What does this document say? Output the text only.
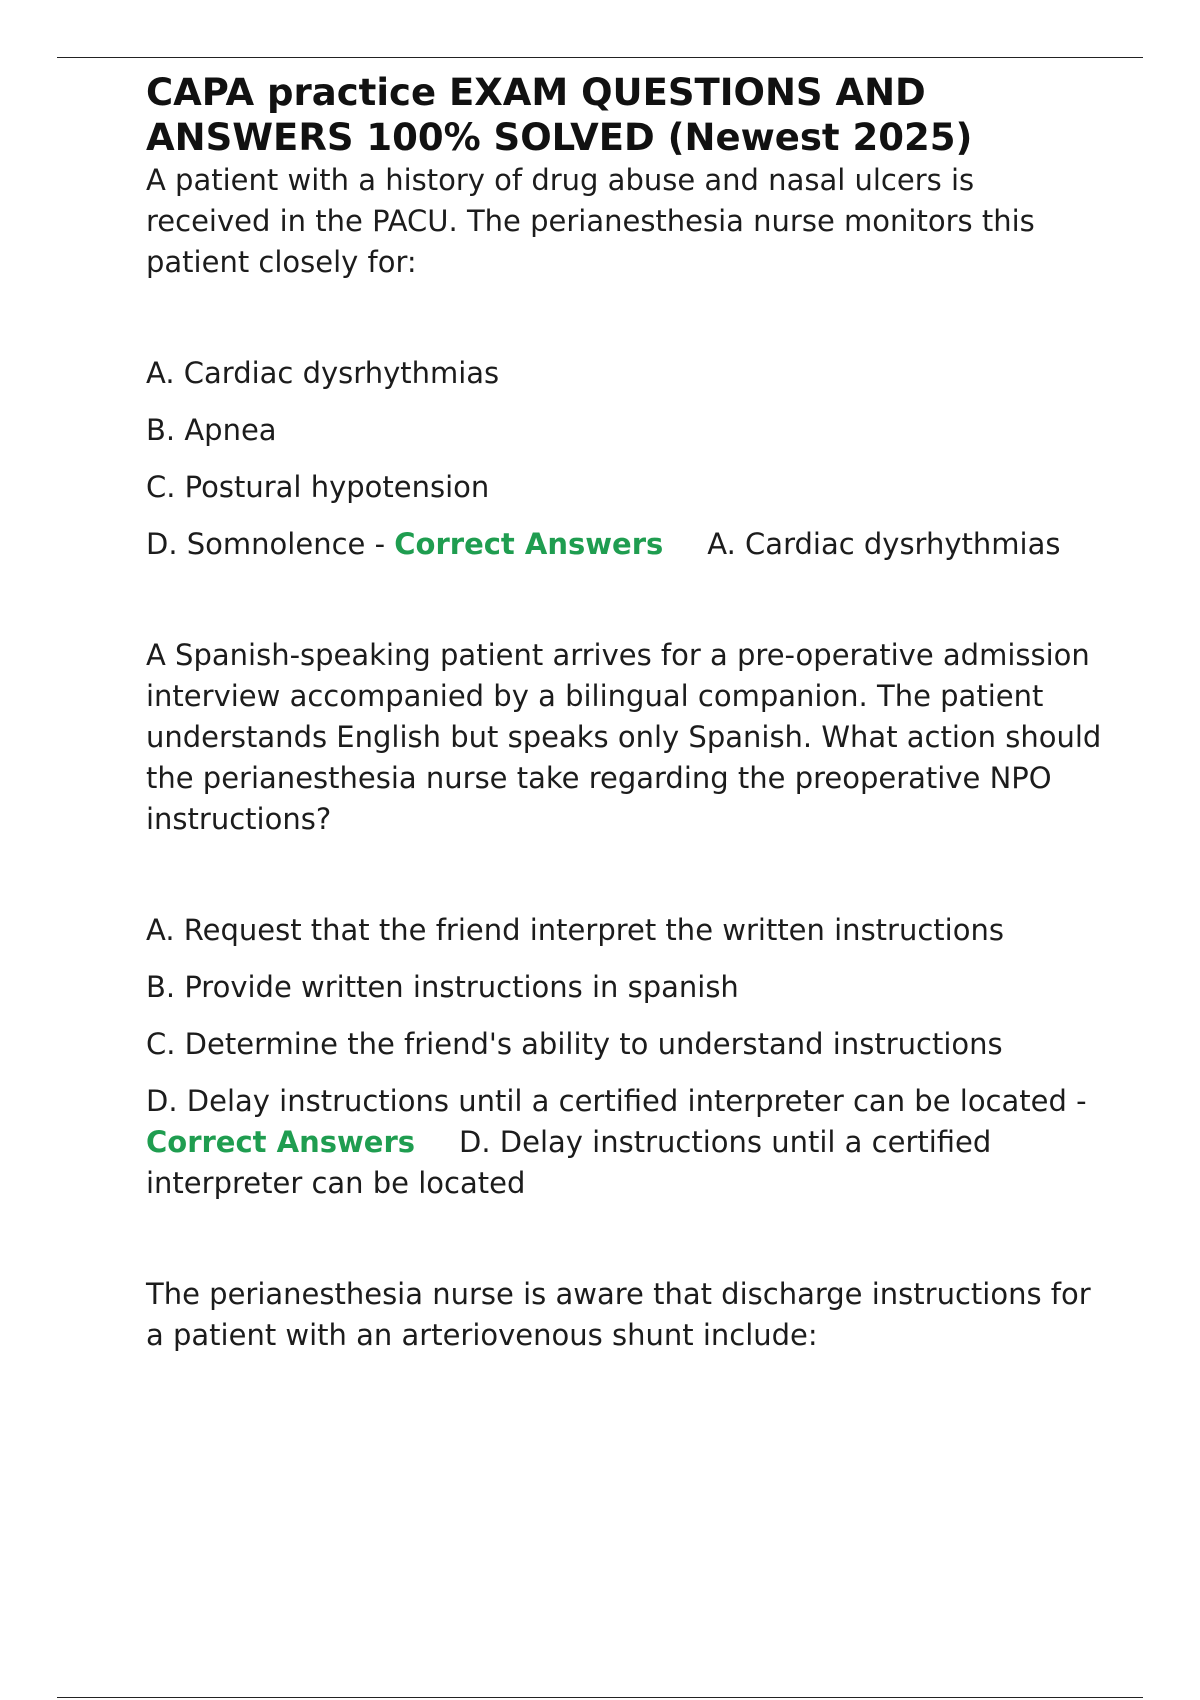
CAPA practice EXAM QUESTIONS AND ANSWERS 100% SOLVED (Newest 2025)

A patient with a history of drug abuse and nasal ulcers is received in the PACU. The perianesthesia nurse monitors this patient closely for:

A. Cardiac dysrhythmias

B. Apnea

C. Postural hypotension

D. Somnolence - Correct Answers A. Cardiac dysrhythmias

A Spanish-speaking patient arrives for a pre-operative admission interview accompanied by a bilingual companion. The patient understands English but speaks only Spanish. What action should the perianesthesia nurse take regarding the preoperative NPO instructions?

A. Request that the friend interpret the written instructions

B. Provide written instructions in spanish

C. Determine the friend's ability to understand instructions

D. Delay instructions until a certified interpreter can be located - Correct Answers D. Delay instructions until a certified interpreter can be located

The perianesthesia nurse is aware that discharge instructions for a patient with an arteriovenous shunt include:
